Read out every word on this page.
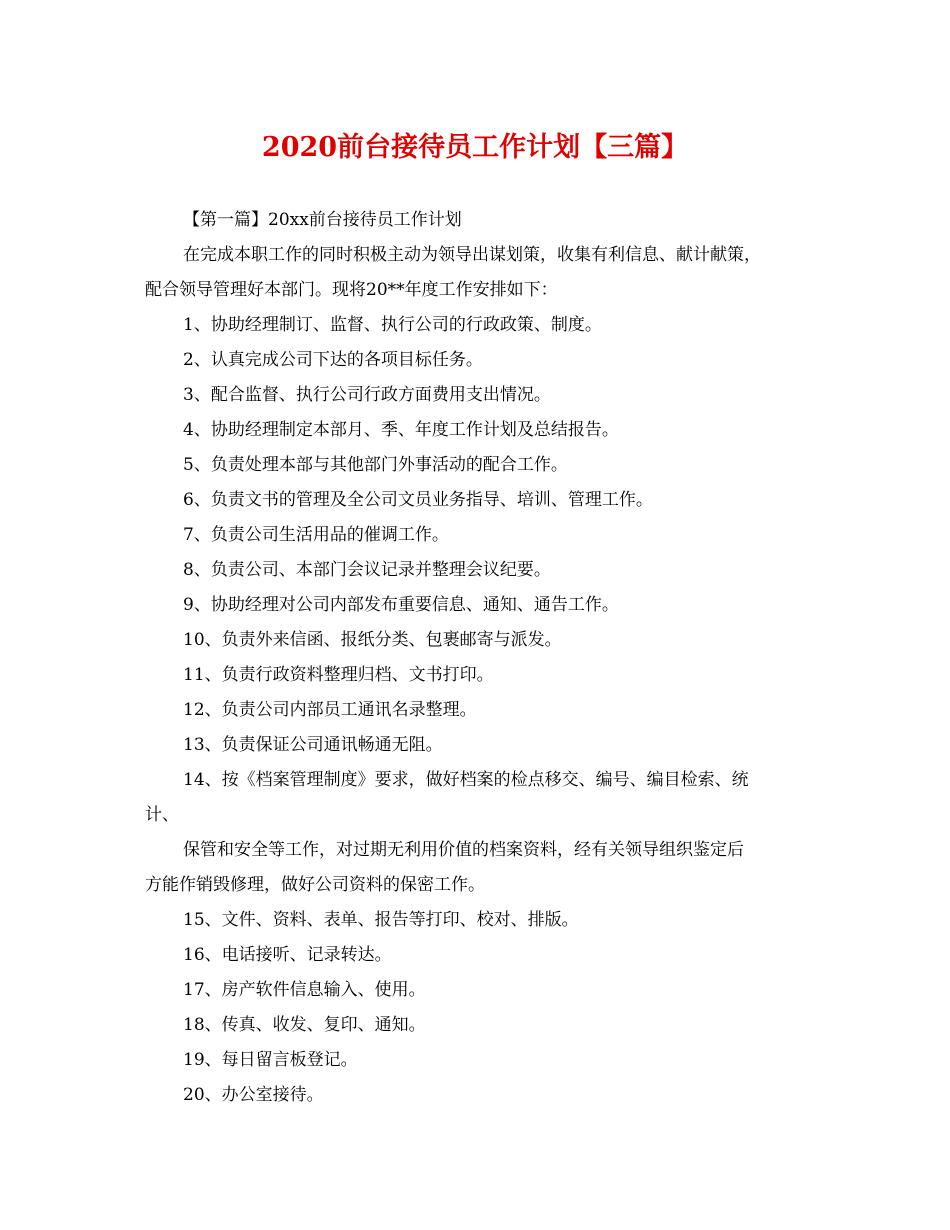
2020前台接待员工作计划【三篇】

【第一篇】20xx前台接待员工作计划

在完成本职工作的同时积极主动为领导出谋划策，收集有利信息、献计献策，

配合领导管理好本部门。现将20**年度工作安排如下：

1、协助经理制订、监督、执行公司的行政政策、制度。

2、认真完成公司下达的各项目标任务。

3、配合监督、执行公司行政方面费用支出情况。

4、协助经理制定本部月、季、年度工作计划及总结报告。

5、负责处理本部与其他部门外事活动的配合工作。

6、负责文书的管理及全公司文员业务指导、培训、管理工作。

7、负责公司生活用品的催调工作。

8、负责公司、本部门会议记录并整理会议纪要。

9、协助经理对公司内部发布重要信息、通知、通告工作。

10、负责外来信函、报纸分类、包裹邮寄与派发。

11、负责行政资料整理归档、文书打印。

12、负责公司内部员工通讯名录整理。

13、负责保证公司通讯畅通无阻。

14、按《档案管理制度》要求，做好档案的检点移交、编号、编目检索、统

计、

保管和安全等工作，对过期无利用价值的档案资料，经有关领导组织鉴定后

方能作销毁修理，做好公司资料的保密工作。

15、文件、资料、表单、报告等打印、校对、排版。

16、电话接听、记录转达。

17、房产软件信息输入、使用。

18、传真、收发、复印、通知。

19、每日留言板登记。

20、办公室接待。
